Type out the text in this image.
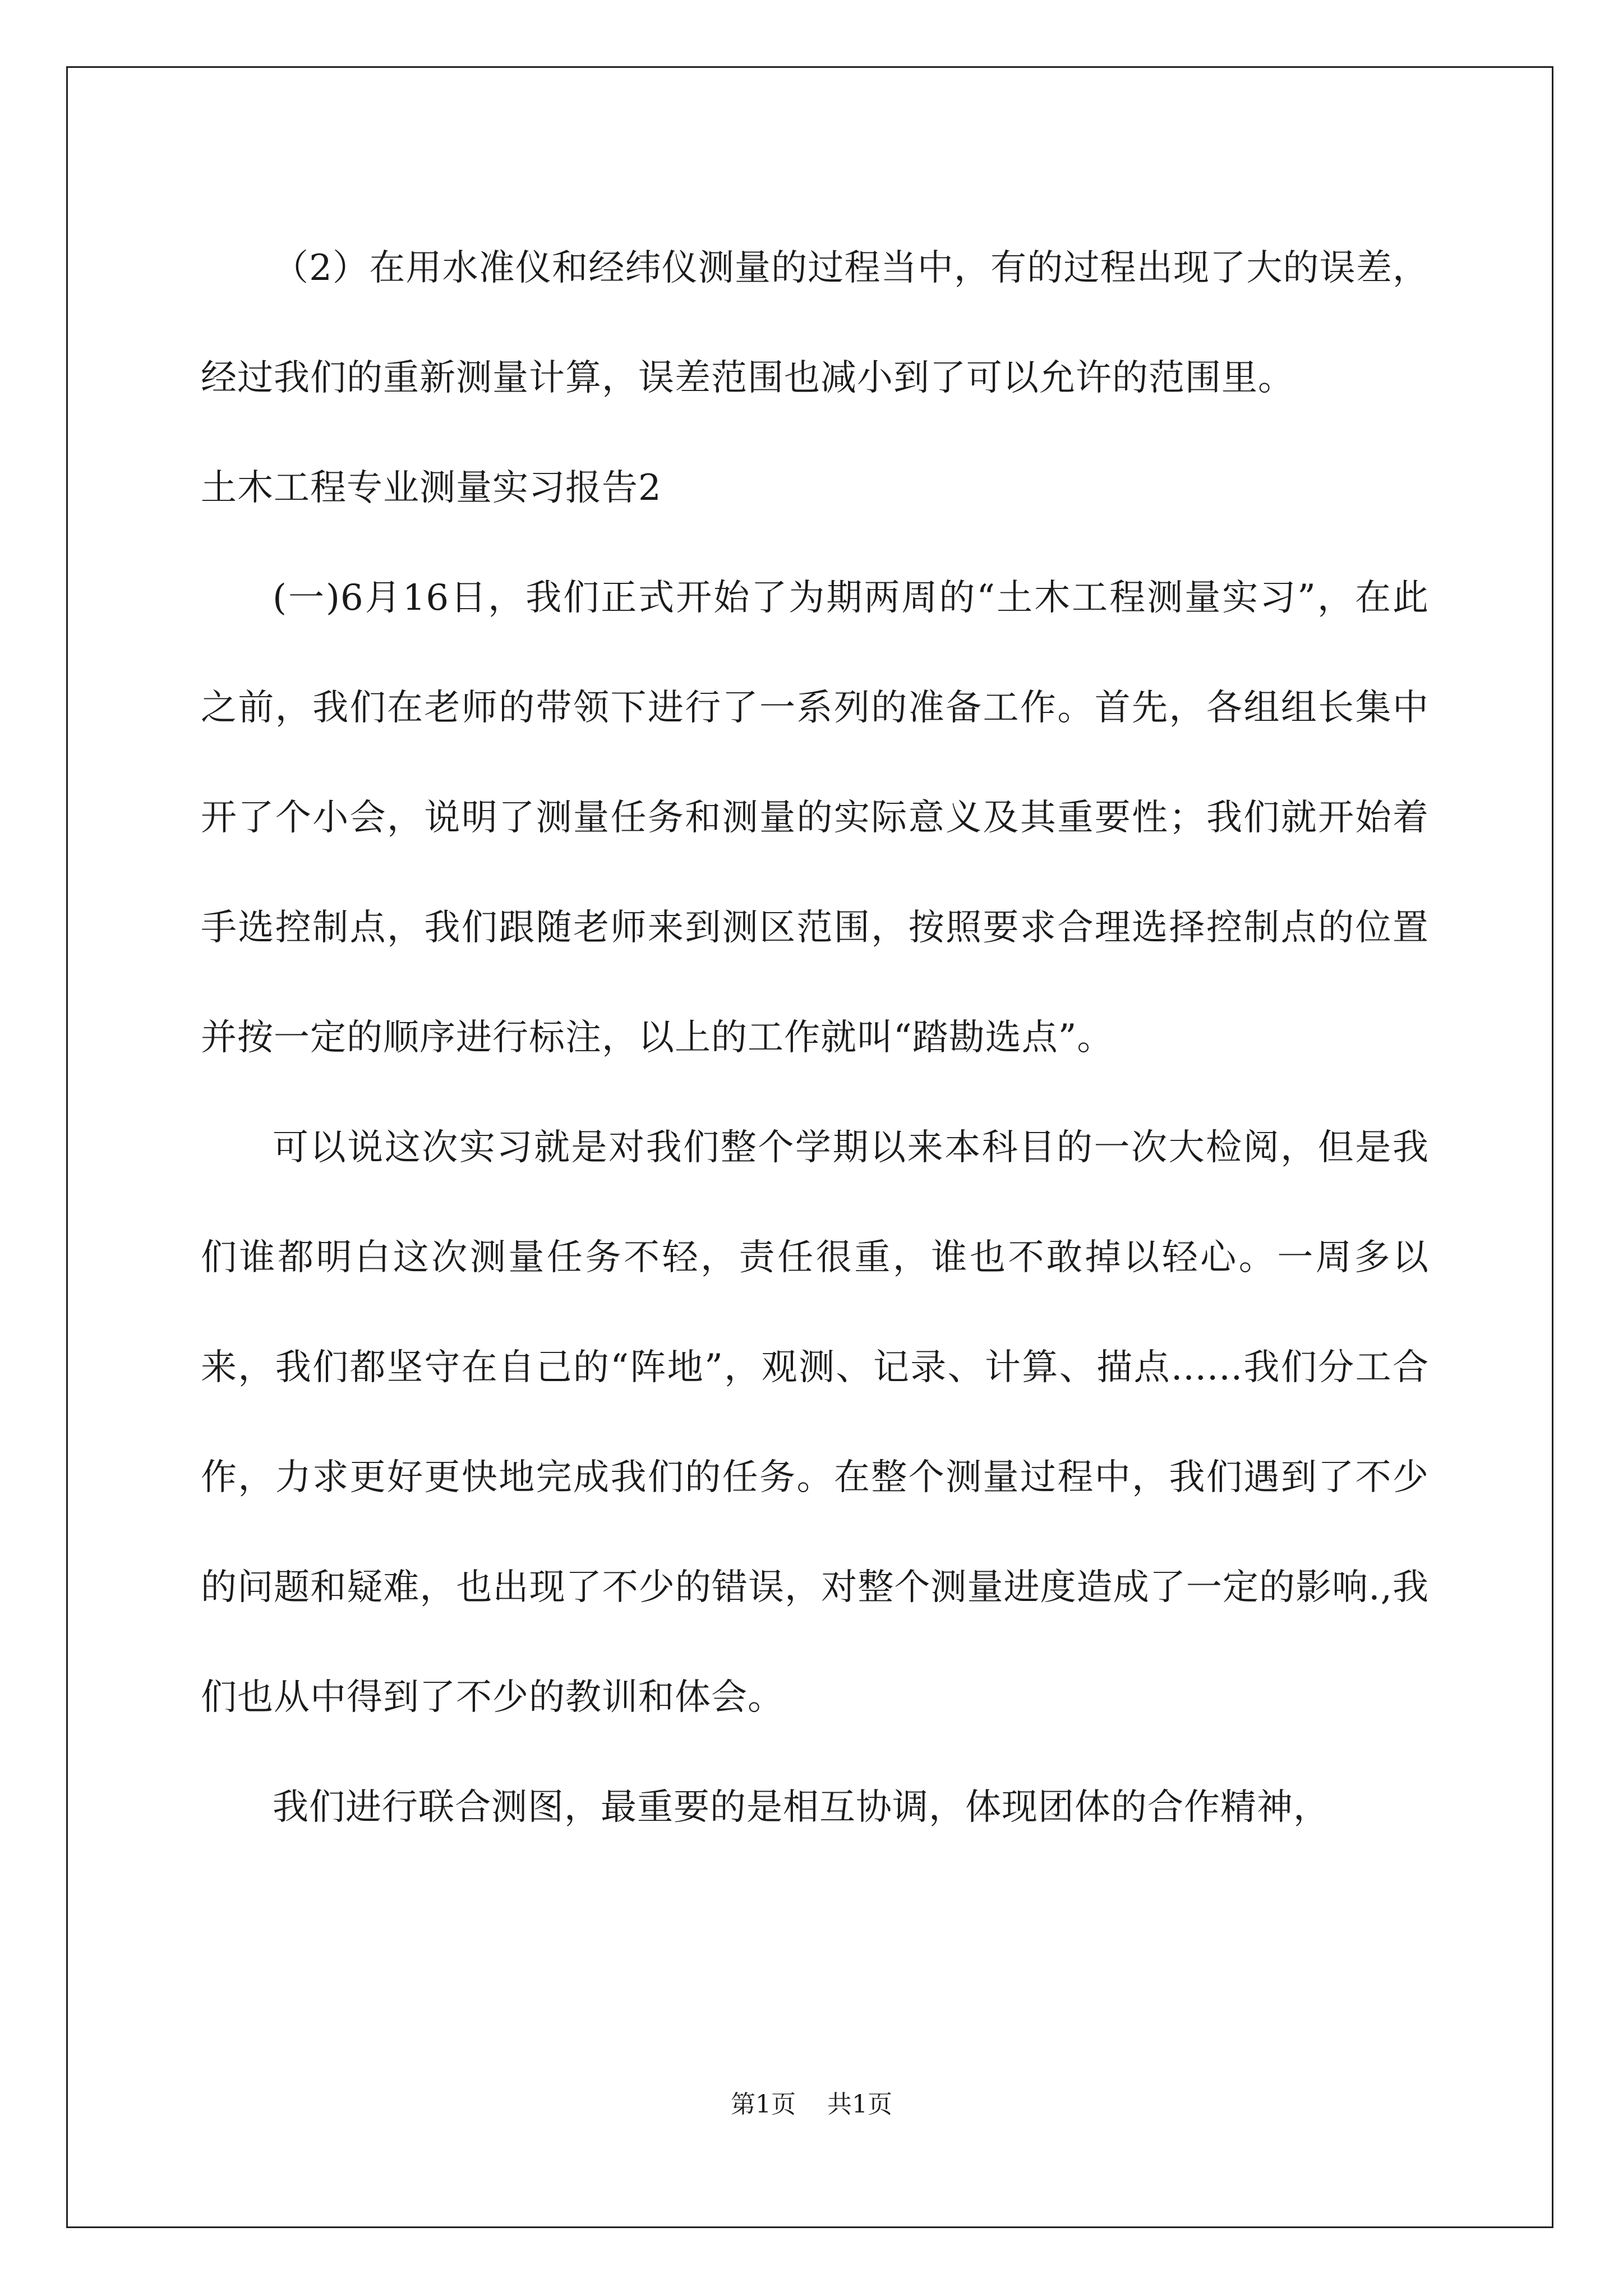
（2）在用水准仪和经纬仪测量的过程当中，有的过程出现了大的误差，经过我们的重新测量计算，误差范围也减小到了可以允许的范围里。

土木工程专业测量实习报告2

(一)6月16日，我们正式开始了为期两周的“土木工程测量实习”，在此之前，我们在老师的带领下进行了一系列的准备工作。首先，各组组长集中开了个小会，说明了测量任务和测量的实际意义及其重要性；我们就开始着手选控制点，我们跟随老师来到测区范围，按照要求合理选择控制点的位置并按一定的顺序进行标注，以上的工作就叫“踏勘选点”。

可以说这次实习就是对我们整个学期以来本科目的一次大检阅，但是我们谁都明白这次测量任务不轻，责任很重，谁也不敢掉以轻心。一周多以来，我们都坚守在自己的“阵地”，观测、记录、计算、描点......我们分工合作，力求更好更快地完成我们的任务。在整个测量过程中，我们遇到了不少的问题和疑难，也出现了不少的错误，对整个测量进度造成了一定的影响.,我们也从中得到了不少的教训和体会。

我们进行联合测图，最重要的是相互协调，体现团体的合作精神，

第1页 共1页
